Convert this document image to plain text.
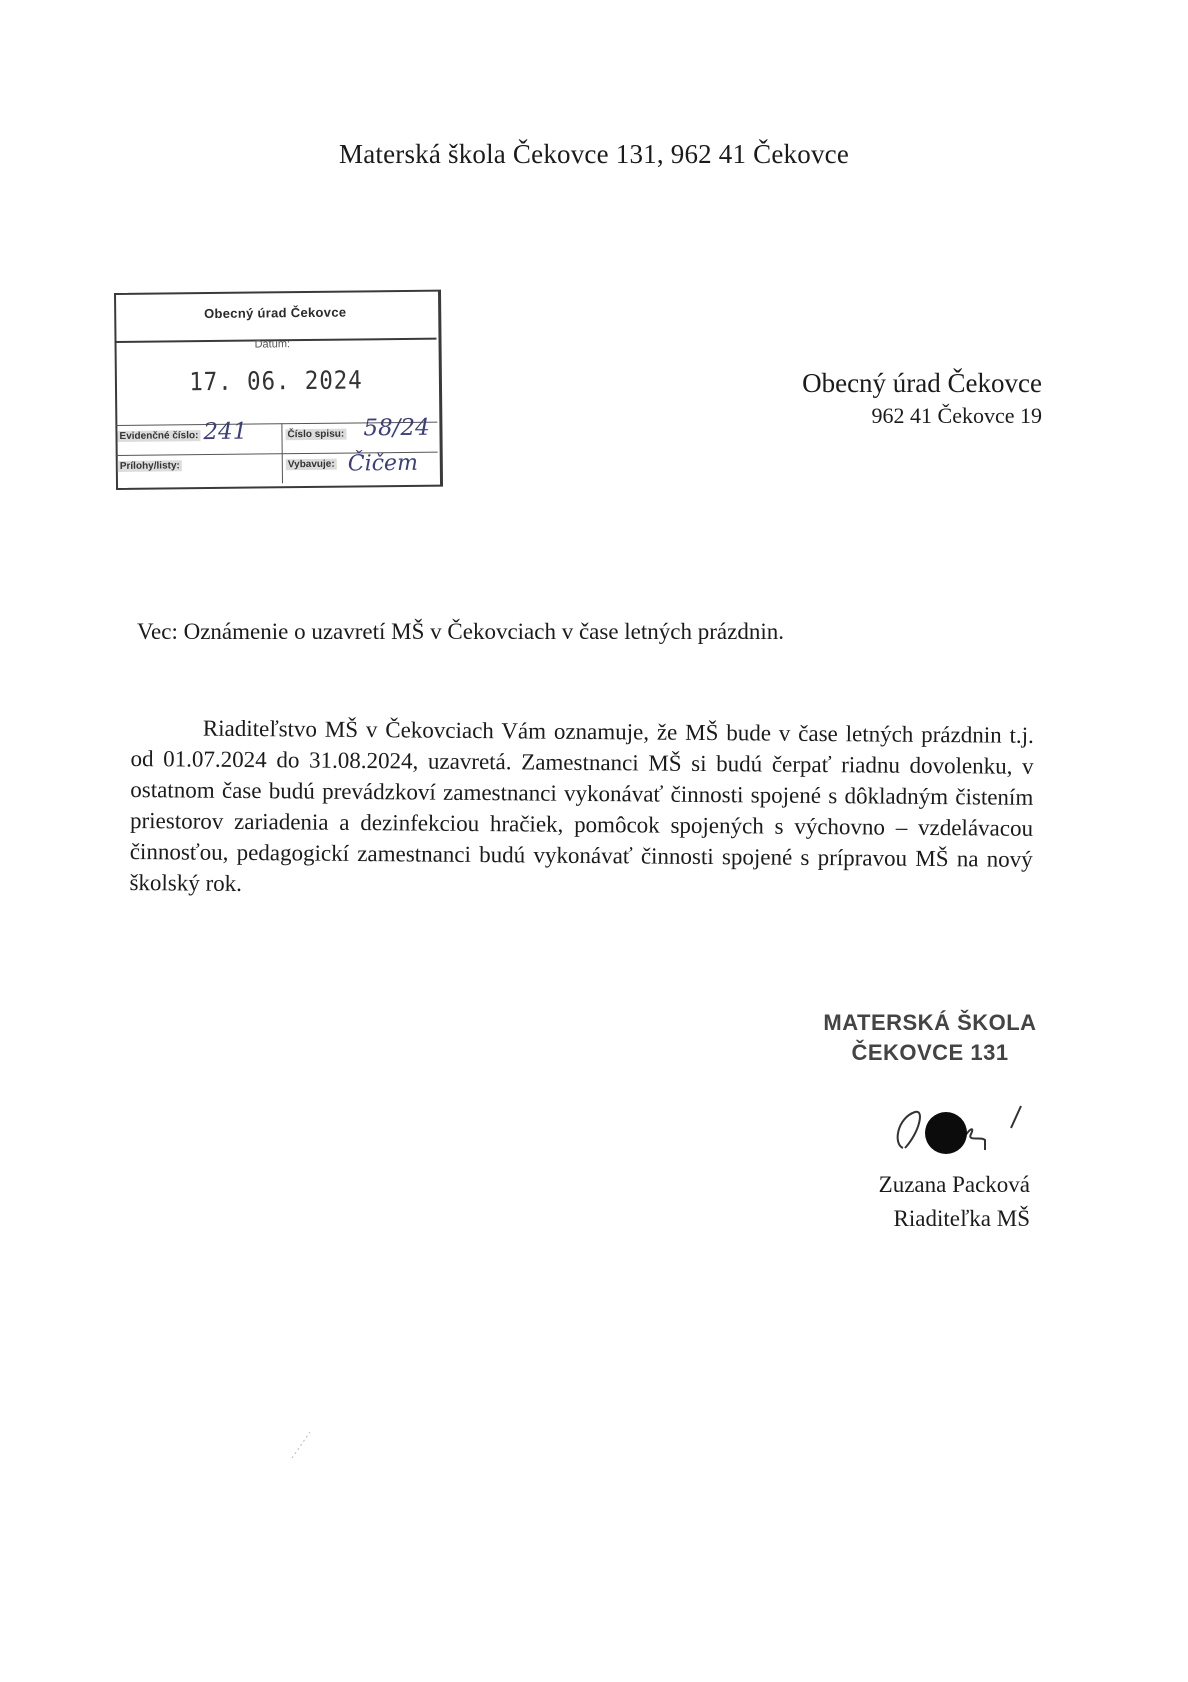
Materská škola Čekovce 131, 962 41 Čekovce
Obecný úrad Čekovce
Dátum:
17. 06. 2024
Evidenčné číslo: 241	Číslo spisu: 58/24
Prílohy/listy:	Vybavuje: Čičem
Obecný úrad Čekovce
962 41 Čekovce 19
Vec: Oznámenie o uzavretí MŠ v Čekovciach v čase letných prázdnin.
Riaditeľstvo MŠ v Čekovciach Vám oznamuje, že MŠ bude v čase letných prázdnin t.j. od 01.07.2024 do 31.08.2024, uzavretá. Zamestnanci MŠ si budú čerpať riadnu dovolenku, v ostatnom čase budú prevádzkoví zamestnanci vykonávať činnosti spojené s dôkladným čistením priestorov zariadenia a dezinfekciou hračiek, pomôcok spojených s výchovno – vzdelávacou činnosťou, pedagogickí zamestnanci budú vykonávať činnosti spojené s prípravou MŠ na nový školský rok.
MATERSKÁ ŠKOLA
ČEKOVCE 131
Zuzana Packová
Riaditeľka MŠ
